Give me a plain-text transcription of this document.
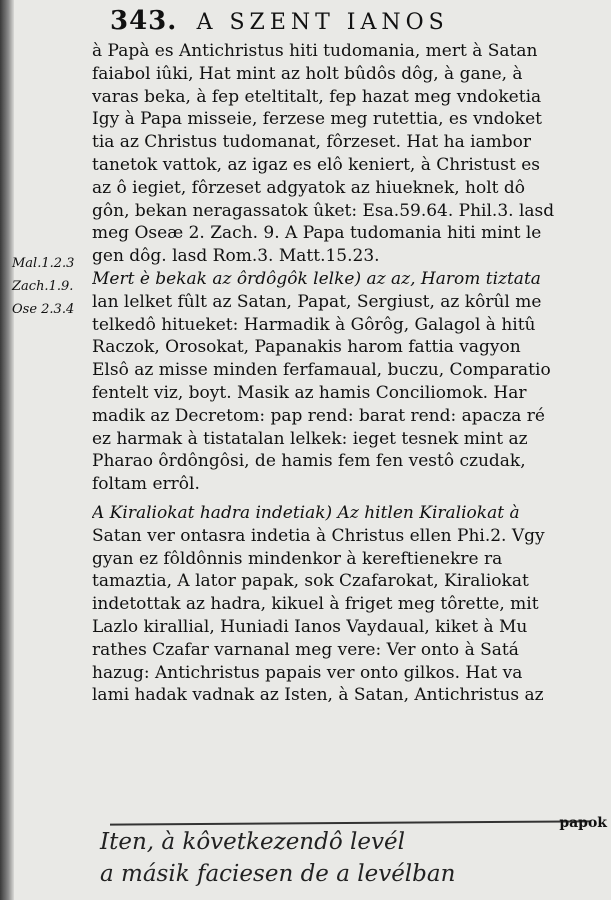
343. A SZENT IANOS
Mal.1.2.3
Zach.1.9.
Ose 2.3.4
à Papà es Antichristus hiti tudomania, mert à Satan
faiabol iûki, Hat mint az holt bûdôs dôg, à gane, à
varas beka, à fep eteltitalt, fep hazat meg vndoketia
Igy à Papa misseie, ferzese meg rutettia, es vndoket
tia az Christus tudomanat, fôrzeset. Hat ha iambor
tanetok vattok, az igaz es elô keniert, à Christust es
az ô iegiet, fôrzeset adgyatok az hiueknek, holt dô
gôn, bekan neragassatok ûket: Esa.59.64. Phil.3. lasd
meg Oseæ 2. Zach. 9. A Papa tudomania hiti mint le
gen dôg. lasd Rom.3. Matt.15.23.
Mert è bekak az ôrdôgôk lelke) az az, Harom tiztata
lan lelket fûlt az Satan, Papat, Sergiust, az kôrûl me
telkedô hitueket: Harmadik à Gôrôg, Galagol à hitû
Raczok, Orosokat, Papanakis harom fattia vagyon
Elsô az misse minden ferfamaual, buczu, Comparatio
fentelt viz, boyt. Masik az hamis Conciliomok. Har
madik az Decretom: pap rend: barat rend: apacza ré
ez harmak à tistatalan lelkek: ieget tesnek mint az
Pharao ôrdôngôsi, de hamis fem fen vestô czudak,
foltam errôl.
A Kiraliokat hadra indetiak) Az hitlen Kiraliokat à
Satan ver ontasra indetia à Christus ellen Phi.2. Vgy
gyan ez fôldônnis mindenkor à kereftienekre ra
tamaztia, A lator papak, sok Czafarokat, Kiraliokat
indetottak az hadra, kikuel à friget meg tôrette, mit
Lazlo kirallial, Huniadi Ianos Vaydaual, kiket à Mu
rathes Czafar varnanal meg vere: Ver onto à Satá
hazug: Antichristus papais ver onto gilkos. Hat va
lami hadak vadnak az Isten, à Satan, Antichristus az
papok
Iten, à kôvetkezendô levél
a másik faciesen de a levélban
